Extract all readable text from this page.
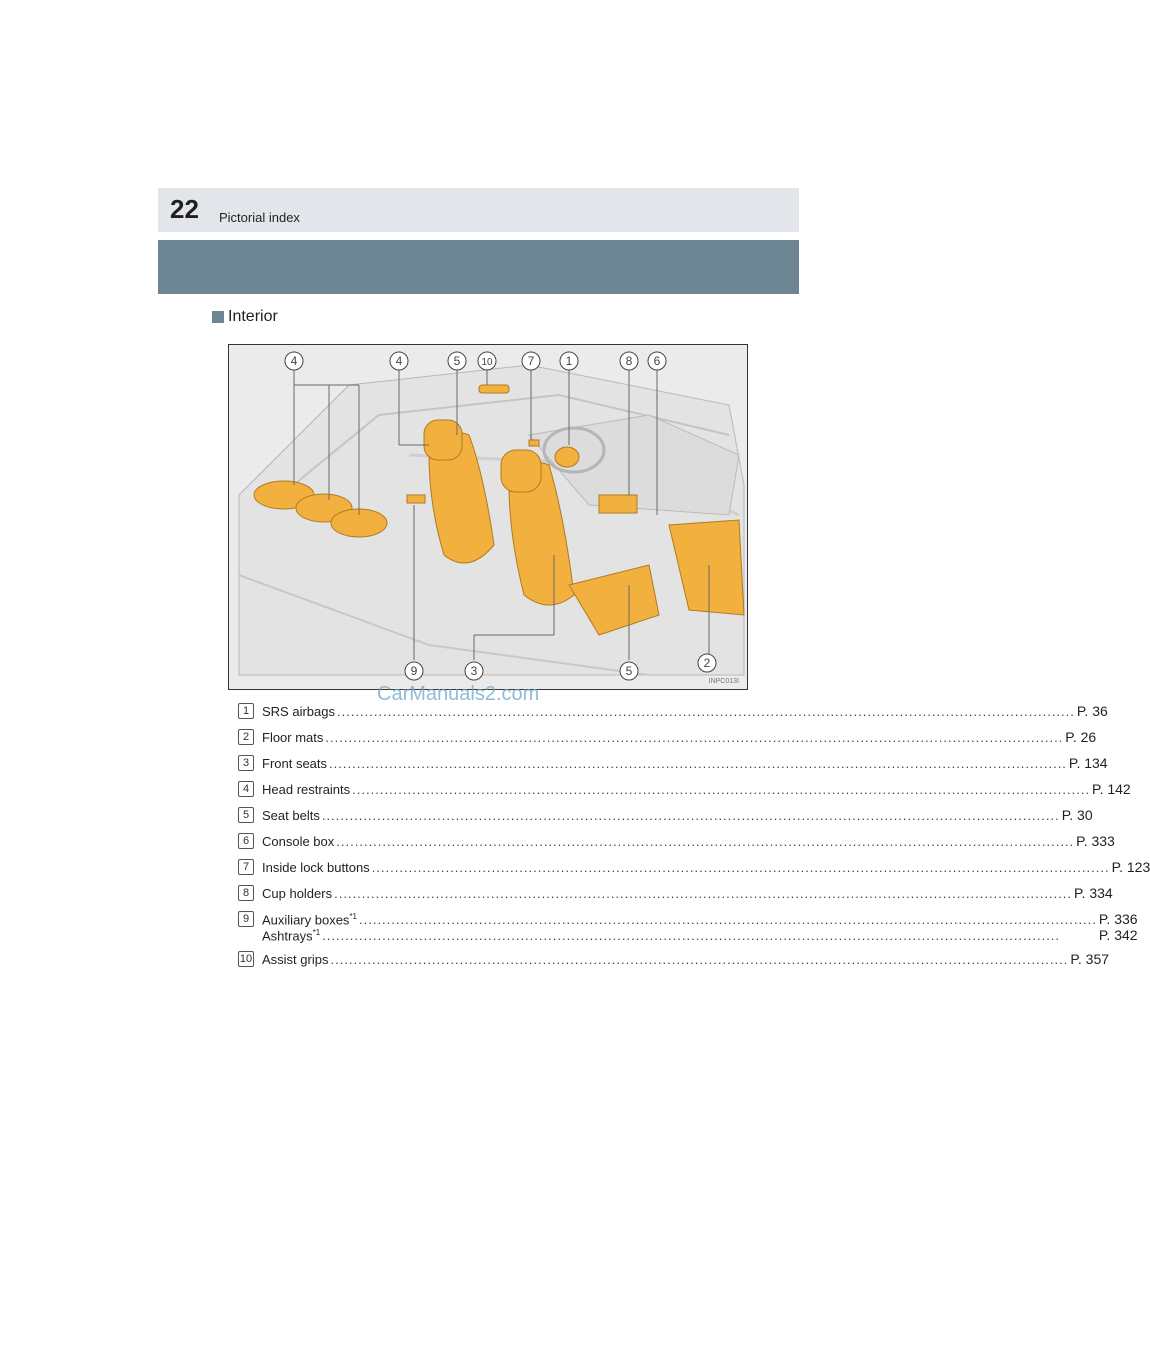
22 Pictorial index
Interior
4	4	5 10	7	1	8 6
9	3	5
2
INPC013I
CarManuals2.com
1 SRS airbags .....	P. 36
2 Floor mats .....	P. 26
3 Front seats .....	P. 134
4 Head restraints .....	P. 142
5 Seat belts .....	P. 30
6 Console box .....	P. 333
7 Inside lock buttons .....	P. 123
8 Cup holders .....	P. 334
9 Auxiliary boxes$^{*1}$ .....	P. 336
Ashtrays$^{*1}$ .....	P. 342
10 Assist grips .....	P. 357
